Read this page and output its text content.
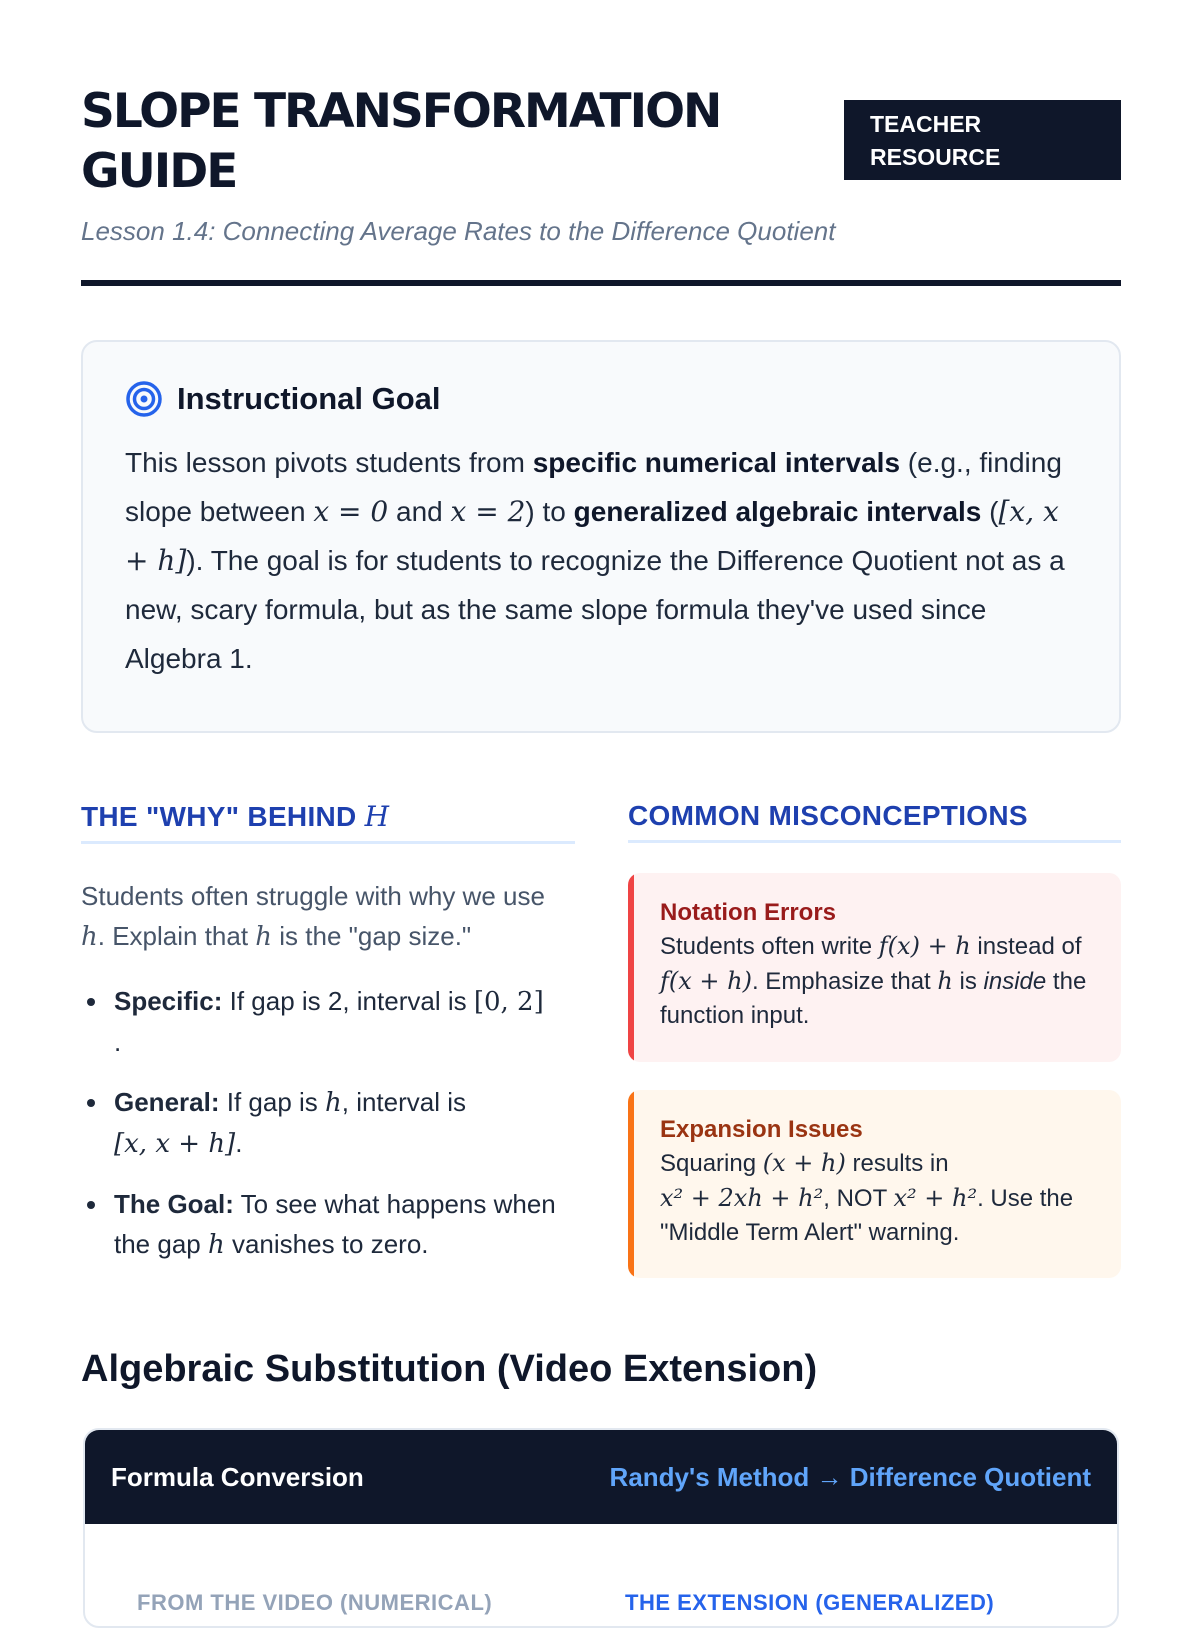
SLOPE TRANSFORMATION GUIDE
TEACHER RESOURCE

Lesson 1.4: Connecting Average Rates to the Difference Quotient

Instructional Goal

This lesson pivots students from specific numerical intervals (e.g., finding slope between x = 0 and x = 2) to generalized algebraic intervals ([x, x + h]). The goal is for students to recognize the Difference Quotient not as a new, scary formula, but as the same slope formula they've used since Algebra 1.

THE "WHY" BEHIND H

Students often struggle with why we use h. Explain that h is the "gap size."

Specific: If gap is 2, interval is [0, 2]
.
General: If gap is h, interval is
[x, x + h].
The Goal: To see what happens when the gap h vanishes to zero.
COMMON MISCONCEPTIONS
Notation Errors

Students often write f(x) + h instead of f(x + h). Emphasize that h is inside the function input.

Expansion Issues

Squaring (x + h) results in
x² + 2xh + h², NOT x² + h². Use the "Middle Term Alert" warning.

Algebraic Substitution (Video Extension)
Formula Conversion	Randy's Method → Difference Quotient
FROM THE VIDEO (NUMERICAL)	THE EXTENSION (GENERALIZED)
